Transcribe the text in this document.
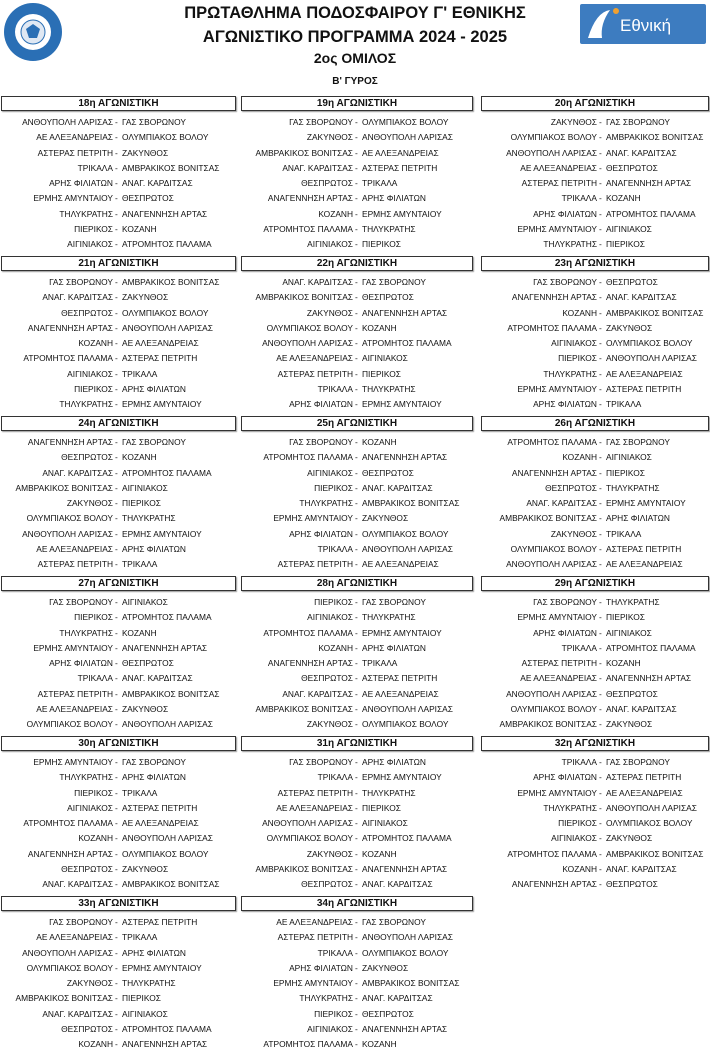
Εθνική
ΠΡΩΤΑΘΛΗΜΑ ΠΟΔΟΣΦΑΙΡΟΥ Γ' ΕΘΝΙΚΗΣ
ΑΓΩΝΙΣΤΙΚΟ ΠΡΟΓΡΑΜΜΑ 2024 - 2025
2ος ΟΜΙΛΟΣ
Β' ΓΥΡΟΣ
18η ΑΓΩΝΙΣΤΙΚΗ
ΑΝΘΟΥΠΟΛΗ ΛΑΡΙΣΑΣ - ΓΑΣ ΣΒΟΡΩΝΟΥ
ΑΕ ΑΛΕΞΑΝΔΡΕΙΑΣ - ΟΛΥΜΠΙΑΚΟΣ ΒΟΛΟΥ
ΑΣΤΕΡΑΣ ΠΕΤΡΙΤΗ - ΖΑΚΥΝΘΟΣ
ΤΡΙΚΑΛΑ - ΑΜΒΡΑΚΙΚΟΣ ΒΟΝΙΤΣΑΣ
ΑΡΗΣ ΦΙΛΙΑΤΩΝ - ΑΝΑΓ. ΚΑΡΔΙΤΣΑΣ
ΕΡΜΗΣ ΑΜΥΝΤΑΙΟΥ - ΘΕΣΠΡΩΤΟΣ
ΤΗΛΥΚΡΑΤΗΣ - ΑΝΑΓΕΝΝΗΣΗ ΑΡΤΑΣ
ΠΙΕΡΙΚΟΣ - ΚΟΖΑΝΗ
ΑΙΓΙΝΙΑΚΟΣ - ΑΤΡΟΜΗΤΟΣ ΠΑΛΑΜΑ
19η ΑΓΩΝΙΣΤΙΚΗ
ΓΑΣ ΣΒΟΡΩΝΟΥ - ΟΛΥΜΠΙΑΚΟΣ ΒΟΛΟΥ
ΖΑΚΥΝΘΟΣ - ΑΝΘΟΥΠΟΛΗ ΛΑΡΙΣΑΣ
ΑΜΒΡΑΚΙΚΟΣ ΒΟΝΙΤΣΑΣ - ΑΕ ΑΛΕΞΑΝΔΡΕΙΑΣ
ΑΝΑΓ. ΚΑΡΔΙΤΣΑΣ - ΑΣΤΕΡΑΣ ΠΕΤΡΙΤΗ
ΘΕΣΠΡΩΤΟΣ - ΤΡΙΚΑΛΑ
ΑΝΑΓΕΝΝΗΣΗ ΑΡΤΑΣ - ΑΡΗΣ ΦΙΛΙΑΤΩΝ
ΚΟΖΑΝΗ - ΕΡΜΗΣ ΑΜΥΝΤΑΙΟΥ
ΑΤΡΟΜΗΤΟΣ ΠΑΛΑΜΑ - ΤΗΛΥΚΡΑΤΗΣ
ΑΙΓΙΝΙΑΚΟΣ - ΠΙΕΡΙΚΟΣ
20η ΑΓΩΝΙΣΤΙΚΗ
ΖΑΚΥΝΘΟΣ - ΓΑΣ ΣΒΟΡΩΝΟΥ
ΟΛΥΜΠΙΑΚΟΣ ΒΟΛΟΥ - ΑΜΒΡΑΚΙΚΟΣ ΒΟΝΙΤΣΑΣ
ΑΝΘΟΥΠΟΛΗ ΛΑΡΙΣΑΣ - ΑΝΑΓ. ΚΑΡΔΙΤΣΑΣ
ΑΕ ΑΛΕΞΑΝΔΡΕΙΑΣ - ΘΕΣΠΡΩΤΟΣ
ΑΣΤΕΡΑΣ ΠΕΤΡΙΤΗ - ΑΝΑΓΕΝΝΗΣΗ ΑΡΤΑΣ
ΤΡΙΚΑΛΑ - ΚΟΖΑΝΗ
ΑΡΗΣ ΦΙΛΙΑΤΩΝ - ΑΤΡΟΜΗΤΟΣ ΠΑΛΑΜΑ
ΕΡΜΗΣ ΑΜΥΝΤΑΙΟΥ - ΑΙΓΙΝΙΑΚΟΣ
ΤΗΛΥΚΡΑΤΗΣ - ΠΙΕΡΙΚΟΣ
21η ΑΓΩΝΙΣΤΙΚΗ
ΓΑΣ ΣΒΟΡΩΝΟΥ - ΑΜΒΡΑΚΙΚΟΣ ΒΟΝΙΤΣΑΣ
ΑΝΑΓ. ΚΑΡΔΙΤΣΑΣ - ΖΑΚΥΝΘΟΣ
ΘΕΣΠΡΩΤΟΣ - ΟΛΥΜΠΙΑΚΟΣ ΒΟΛΟΥ
ΑΝΑΓΕΝΝΗΣΗ ΑΡΤΑΣ - ΑΝΘΟΥΠΟΛΗ ΛΑΡΙΣΑΣ
ΚΟΖΑΝΗ - ΑΕ ΑΛΕΞΑΝΔΡΕΙΑΣ
ΑΤΡΟΜΗΤΟΣ ΠΑΛΑΜΑ - ΑΣΤΕΡΑΣ ΠΕΤΡΙΤΗ
ΑΙΓΙΝΙΑΚΟΣ - ΤΡΙΚΑΛΑ
ΠΙΕΡΙΚΟΣ - ΑΡΗΣ ΦΙΛΙΑΤΩΝ
ΤΗΛΥΚΡΑΤΗΣ - ΕΡΜΗΣ ΑΜΥΝΤΑΙΟΥ
22η ΑΓΩΝΙΣΤΙΚΗ
ΑΝΑΓ. ΚΑΡΔΙΤΣΑΣ - ΓΑΣ ΣΒΟΡΩΝΟΥ
ΑΜΒΡΑΚΙΚΟΣ ΒΟΝΙΤΣΑΣ - ΘΕΣΠΡΩΤΟΣ
ΖΑΚΥΝΘΟΣ - ΑΝΑΓΕΝΝΗΣΗ ΑΡΤΑΣ
ΟΛΥΜΠΙΑΚΟΣ ΒΟΛΟΥ - ΚΟΖΑΝΗ
ΑΝΘΟΥΠΟΛΗ ΛΑΡΙΣΑΣ - ΑΤΡΟΜΗΤΟΣ ΠΑΛΑΜΑ
ΑΕ ΑΛΕΞΑΝΔΡΕΙΑΣ - ΑΙΓΙΝΙΑΚΟΣ
ΑΣΤΕΡΑΣ ΠΕΤΡΙΤΗ - ΠΙΕΡΙΚΟΣ
ΤΡΙΚΑΛΑ - ΤΗΛΥΚΡΑΤΗΣ
ΑΡΗΣ ΦΙΛΙΑΤΩΝ - ΕΡΜΗΣ ΑΜΥΝΤΑΙΟΥ
23η ΑΓΩΝΙΣΤΙΚΗ
ΓΑΣ ΣΒΟΡΩΝΟΥ - ΘΕΣΠΡΩΤΟΣ
ΑΝΑΓΕΝΝΗΣΗ ΑΡΤΑΣ - ΑΝΑΓ. ΚΑΡΔΙΤΣΑΣ
ΚΟΖΑΝΗ - ΑΜΒΡΑΚΙΚΟΣ ΒΟΝΙΤΣΑΣ
ΑΤΡΟΜΗΤΟΣ ΠΑΛΑΜΑ - ΖΑΚΥΝΘΟΣ
ΑΙΓΙΝΙΑΚΟΣ - ΟΛΥΜΠΙΑΚΟΣ ΒΟΛΟΥ
ΠΙΕΡΙΚΟΣ - ΑΝΘΟΥΠΟΛΗ ΛΑΡΙΣΑΣ
ΤΗΛΥΚΡΑΤΗΣ - ΑΕ ΑΛΕΞΑΝΔΡΕΙΑΣ
ΕΡΜΗΣ ΑΜΥΝΤΑΙΟΥ - ΑΣΤΕΡΑΣ ΠΕΤΡΙΤΗ
ΑΡΗΣ ΦΙΛΙΑΤΩΝ - ΤΡΙΚΑΛΑ
24η ΑΓΩΝΙΣΤΙΚΗ
ΑΝΑΓΕΝΝΗΣΗ ΑΡΤΑΣ - ΓΑΣ ΣΒΟΡΩΝΟΥ
ΘΕΣΠΡΩΤΟΣ - ΚΟΖΑΝΗ
ΑΝΑΓ. ΚΑΡΔΙΤΣΑΣ - ΑΤΡΟΜΗΤΟΣ ΠΑΛΑΜΑ
ΑΜΒΡΑΚΙΚΟΣ ΒΟΝΙΤΣΑΣ - ΑΙΓΙΝΙΑΚΟΣ
ΖΑΚΥΝΘΟΣ - ΠΙΕΡΙΚΟΣ
ΟΛΥΜΠΙΑΚΟΣ ΒΟΛΟΥ - ΤΗΛΥΚΡΑΤΗΣ
ΑΝΘΟΥΠΟΛΗ ΛΑΡΙΣΑΣ - ΕΡΜΗΣ ΑΜΥΝΤΑΙΟΥ
ΑΕ ΑΛΕΞΑΝΔΡΕΙΑΣ - ΑΡΗΣ ΦΙΛΙΑΤΩΝ
ΑΣΤΕΡΑΣ ΠΕΤΡΙΤΗ - ΤΡΙΚΑΛΑ
25η ΑΓΩΝΙΣΤΙΚΗ
ΓΑΣ ΣΒΟΡΩΝΟΥ - ΚΟΖΑΝΗ
ΑΤΡΟΜΗΤΟΣ ΠΑΛΑΜΑ - ΑΝΑΓΕΝΝΗΣΗ ΑΡΤΑΣ
ΑΙΓΙΝΙΑΚΟΣ - ΘΕΣΠΡΩΤΟΣ
ΠΙΕΡΙΚΟΣ - ΑΝΑΓ. ΚΑΡΔΙΤΣΑΣ
ΤΗΛΥΚΡΑΤΗΣ - ΑΜΒΡΑΚΙΚΟΣ ΒΟΝΙΤΣΑΣ
ΕΡΜΗΣ ΑΜΥΝΤΑΙΟΥ - ΖΑΚΥΝΘΟΣ
ΑΡΗΣ ΦΙΛΙΑΤΩΝ - ΟΛΥΜΠΙΑΚΟΣ ΒΟΛΟΥ
ΤΡΙΚΑΛΑ - ΑΝΘΟΥΠΟΛΗ ΛΑΡΙΣΑΣ
ΑΣΤΕΡΑΣ ΠΕΤΡΙΤΗ - ΑΕ ΑΛΕΞΑΝΔΡΕΙΑΣ
26η ΑΓΩΝΙΣΤΙΚΗ
ΑΤΡΟΜΗΤΟΣ ΠΑΛΑΜΑ - ΓΑΣ ΣΒΟΡΩΝΟΥ
ΚΟΖΑΝΗ - ΑΙΓΙΝΙΑΚΟΣ
ΑΝΑΓΕΝΝΗΣΗ ΑΡΤΑΣ - ΠΙΕΡΙΚΟΣ
ΘΕΣΠΡΩΤΟΣ - ΤΗΛΥΚΡΑΤΗΣ
ΑΝΑΓ. ΚΑΡΔΙΤΣΑΣ - ΕΡΜΗΣ ΑΜΥΝΤΑΙΟΥ
ΑΜΒΡΑΚΙΚΟΣ ΒΟΝΙΤΣΑΣ - ΑΡΗΣ ΦΙΛΙΑΤΩΝ
ΖΑΚΥΝΘΟΣ - ΤΡΙΚΑΛΑ
ΟΛΥΜΠΙΑΚΟΣ ΒΟΛΟΥ - ΑΣΤΕΡΑΣ ΠΕΤΡΙΤΗ
ΑΝΘΟΥΠΟΛΗ ΛΑΡΙΣΑΣ - ΑΕ ΑΛΕΞΑΝΔΡΕΙΑΣ
27η ΑΓΩΝΙΣΤΙΚΗ
ΓΑΣ ΣΒΟΡΩΝΟΥ - ΑΙΓΙΝΙΑΚΟΣ
ΠΙΕΡΙΚΟΣ - ΑΤΡΟΜΗΤΟΣ ΠΑΛΑΜΑ
ΤΗΛΥΚΡΑΤΗΣ - ΚΟΖΑΝΗ
ΕΡΜΗΣ ΑΜΥΝΤΑΙΟΥ - ΑΝΑΓΕΝΝΗΣΗ ΑΡΤΑΣ
ΑΡΗΣ ΦΙΛΙΑΤΩΝ - ΘΕΣΠΡΩΤΟΣ
ΤΡΙΚΑΛΑ - ΑΝΑΓ. ΚΑΡΔΙΤΣΑΣ
ΑΣΤΕΡΑΣ ΠΕΤΡΙΤΗ - ΑΜΒΡΑΚΙΚΟΣ ΒΟΝΙΤΣΑΣ
ΑΕ ΑΛΕΞΑΝΔΡΕΙΑΣ - ΖΑΚΥΝΘΟΣ
ΟΛΥΜΠΙΑΚΟΣ ΒΟΛΟΥ - ΑΝΘΟΥΠΟΛΗ ΛΑΡΙΣΑΣ
28η ΑΓΩΝΙΣΤΙΚΗ
ΠΙΕΡΙΚΟΣ - ΓΑΣ ΣΒΟΡΩΝΟΥ
ΑΙΓΙΝΙΑΚΟΣ - ΤΗΛΥΚΡΑΤΗΣ
ΑΤΡΟΜΗΤΟΣ ΠΑΛΑΜΑ - ΕΡΜΗΣ ΑΜΥΝΤΑΙΟΥ
ΚΟΖΑΝΗ - ΑΡΗΣ ΦΙΛΙΑΤΩΝ
ΑΝΑΓΕΝΝΗΣΗ ΑΡΤΑΣ - ΤΡΙΚΑΛΑ
ΘΕΣΠΡΩΤΟΣ - ΑΣΤΕΡΑΣ ΠΕΤΡΙΤΗ
ΑΝΑΓ. ΚΑΡΔΙΤΣΑΣ - ΑΕ ΑΛΕΞΑΝΔΡΕΙΑΣ
ΑΜΒΡΑΚΙΚΟΣ ΒΟΝΙΤΣΑΣ - ΑΝΘΟΥΠΟΛΗ ΛΑΡΙΣΑΣ
ΖΑΚΥΝΘΟΣ - ΟΛΥΜΠΙΑΚΟΣ ΒΟΛΟΥ
29η ΑΓΩΝΙΣΤΙΚΗ
ΓΑΣ ΣΒΟΡΩΝΟΥ - ΤΗΛΥΚΡΑΤΗΣ
ΕΡΜΗΣ ΑΜΥΝΤΑΙΟΥ - ΠΙΕΡΙΚΟΣ
ΑΡΗΣ ΦΙΛΙΑΤΩΝ - ΑΙΓΙΝΙΑΚΟΣ
ΤΡΙΚΑΛΑ - ΑΤΡΟΜΗΤΟΣ ΠΑΛΑΜΑ
ΑΣΤΕΡΑΣ ΠΕΤΡΙΤΗ - ΚΟΖΑΝΗ
ΑΕ ΑΛΕΞΑΝΔΡΕΙΑΣ - ΑΝΑΓΕΝΝΗΣΗ ΑΡΤΑΣ
ΑΝΘΟΥΠΟΛΗ ΛΑΡΙΣΑΣ - ΘΕΣΠΡΩΤΟΣ
ΟΛΥΜΠΙΑΚΟΣ ΒΟΛΟΥ - ΑΝΑΓ. ΚΑΡΔΙΤΣΑΣ
ΑΜΒΡΑΚΙΚΟΣ ΒΟΝΙΤΣΑΣ - ΖΑΚΥΝΘΟΣ
30η ΑΓΩΝΙΣΤΙΚΗ
ΕΡΜΗΣ ΑΜΥΝΤΑΙΟΥ - ΓΑΣ ΣΒΟΡΩΝΟΥ
ΤΗΛΥΚΡΑΤΗΣ - ΑΡΗΣ ΦΙΛΙΑΤΩΝ
ΠΙΕΡΙΚΟΣ - ΤΡΙΚΑΛΑ
ΑΙΓΙΝΙΑΚΟΣ - ΑΣΤΕΡΑΣ ΠΕΤΡΙΤΗ
ΑΤΡΟΜΗΤΟΣ ΠΑΛΑΜΑ - ΑΕ ΑΛΕΞΑΝΔΡΕΙΑΣ
ΚΟΖΑΝΗ - ΑΝΘΟΥΠΟΛΗ ΛΑΡΙΣΑΣ
ΑΝΑΓΕΝΝΗΣΗ ΑΡΤΑΣ - ΟΛΥΜΠΙΑΚΟΣ ΒΟΛΟΥ
ΘΕΣΠΡΩΤΟΣ - ΖΑΚΥΝΘΟΣ
ΑΝΑΓ. ΚΑΡΔΙΤΣΑΣ - ΑΜΒΡΑΚΙΚΟΣ ΒΟΝΙΤΣΑΣ
31η ΑΓΩΝΙΣΤΙΚΗ
ΓΑΣ ΣΒΟΡΩΝΟΥ - ΑΡΗΣ ΦΙΛΙΑΤΩΝ
ΤΡΙΚΑΛΑ - ΕΡΜΗΣ ΑΜΥΝΤΑΙΟΥ
ΑΣΤΕΡΑΣ ΠΕΤΡΙΤΗ - ΤΗΛΥΚΡΑΤΗΣ
ΑΕ ΑΛΕΞΑΝΔΡΕΙΑΣ - ΠΙΕΡΙΚΟΣ
ΑΝΘΟΥΠΟΛΗ ΛΑΡΙΣΑΣ - ΑΙΓΙΝΙΑΚΟΣ
ΟΛΥΜΠΙΑΚΟΣ ΒΟΛΟΥ - ΑΤΡΟΜΗΤΟΣ ΠΑΛΑΜΑ
ΖΑΚΥΝΘΟΣ - ΚΟΖΑΝΗ
ΑΜΒΡΑΚΙΚΟΣ ΒΟΝΙΤΣΑΣ - ΑΝΑΓΕΝΝΗΣΗ ΑΡΤΑΣ
ΘΕΣΠΡΩΤΟΣ - ΑΝΑΓ. ΚΑΡΔΙΤΣΑΣ
32η ΑΓΩΝΙΣΤΙΚΗ
ΤΡΙΚΑΛΑ - ΓΑΣ ΣΒΟΡΩΝΟΥ
ΑΡΗΣ ΦΙΛΙΑΤΩΝ - ΑΣΤΕΡΑΣ ΠΕΤΡΙΤΗ
ΕΡΜΗΣ ΑΜΥΝΤΑΙΟΥ - ΑΕ ΑΛΕΞΑΝΔΡΕΙΑΣ
ΤΗΛΥΚΡΑΤΗΣ - ΑΝΘΟΥΠΟΛΗ ΛΑΡΙΣΑΣ
ΠΙΕΡΙΚΟΣ - ΟΛΥΜΠΙΑΚΟΣ ΒΟΛΟΥ
ΑΙΓΙΝΙΑΚΟΣ - ΖΑΚΥΝΘΟΣ
ΑΤΡΟΜΗΤΟΣ ΠΑΛΑΜΑ - ΑΜΒΡΑΚΙΚΟΣ ΒΟΝΙΤΣΑΣ
ΚΟΖΑΝΗ - ΑΝΑΓ. ΚΑΡΔΙΤΣΑΣ
ΑΝΑΓΕΝΝΗΣΗ ΑΡΤΑΣ - ΘΕΣΠΡΩΤΟΣ
33η ΑΓΩΝΙΣΤΙΚΗ
ΓΑΣ ΣΒΟΡΩΝΟΥ - ΑΣΤΕΡΑΣ ΠΕΤΡΙΤΗ
ΑΕ ΑΛΕΞΑΝΔΡΕΙΑΣ - ΤΡΙΚΑΛΑ
ΑΝΘΟΥΠΟΛΗ ΛΑΡΙΣΑΣ - ΑΡΗΣ ΦΙΛΙΑΤΩΝ
ΟΛΥΜΠΙΑΚΟΣ ΒΟΛΟΥ - ΕΡΜΗΣ ΑΜΥΝΤΑΙΟΥ
ΖΑΚΥΝΘΟΣ - ΤΗΛΥΚΡΑΤΗΣ
ΑΜΒΡΑΚΙΚΟΣ ΒΟΝΙΤΣΑΣ - ΠΙΕΡΙΚΟΣ
ΑΝΑΓ. ΚΑΡΔΙΤΣΑΣ - ΑΙΓΙΝΙΑΚΟΣ
ΘΕΣΠΡΩΤΟΣ - ΑΤΡΟΜΗΤΟΣ ΠΑΛΑΜΑ
ΚΟΖΑΝΗ - ΑΝΑΓΕΝΝΗΣΗ ΑΡΤΑΣ
34η ΑΓΩΝΙΣΤΙΚΗ
ΑΕ ΑΛΕΞΑΝΔΡΕΙΑΣ - ΓΑΣ ΣΒΟΡΩΝΟΥ
ΑΣΤΕΡΑΣ ΠΕΤΡΙΤΗ - ΑΝΘΟΥΠΟΛΗ ΛΑΡΙΣΑΣ
ΤΡΙΚΑΛΑ - ΟΛΥΜΠΙΑΚΟΣ ΒΟΛΟΥ
ΑΡΗΣ ΦΙΛΙΑΤΩΝ - ΖΑΚΥΝΘΟΣ
ΕΡΜΗΣ ΑΜΥΝΤΑΙΟΥ - ΑΜΒΡΑΚΙΚΟΣ ΒΟΝΙΤΣΑΣ
ΤΗΛΥΚΡΑΤΗΣ - ΑΝΑΓ. ΚΑΡΔΙΤΣΑΣ
ΠΙΕΡΙΚΟΣ - ΘΕΣΠΡΩΤΟΣ
ΑΙΓΙΝΙΑΚΟΣ - ΑΝΑΓΕΝΝΗΣΗ ΑΡΤΑΣ
ΑΤΡΟΜΗΤΟΣ ΠΑΛΑΜΑ - ΚΟΖΑΝΗ
